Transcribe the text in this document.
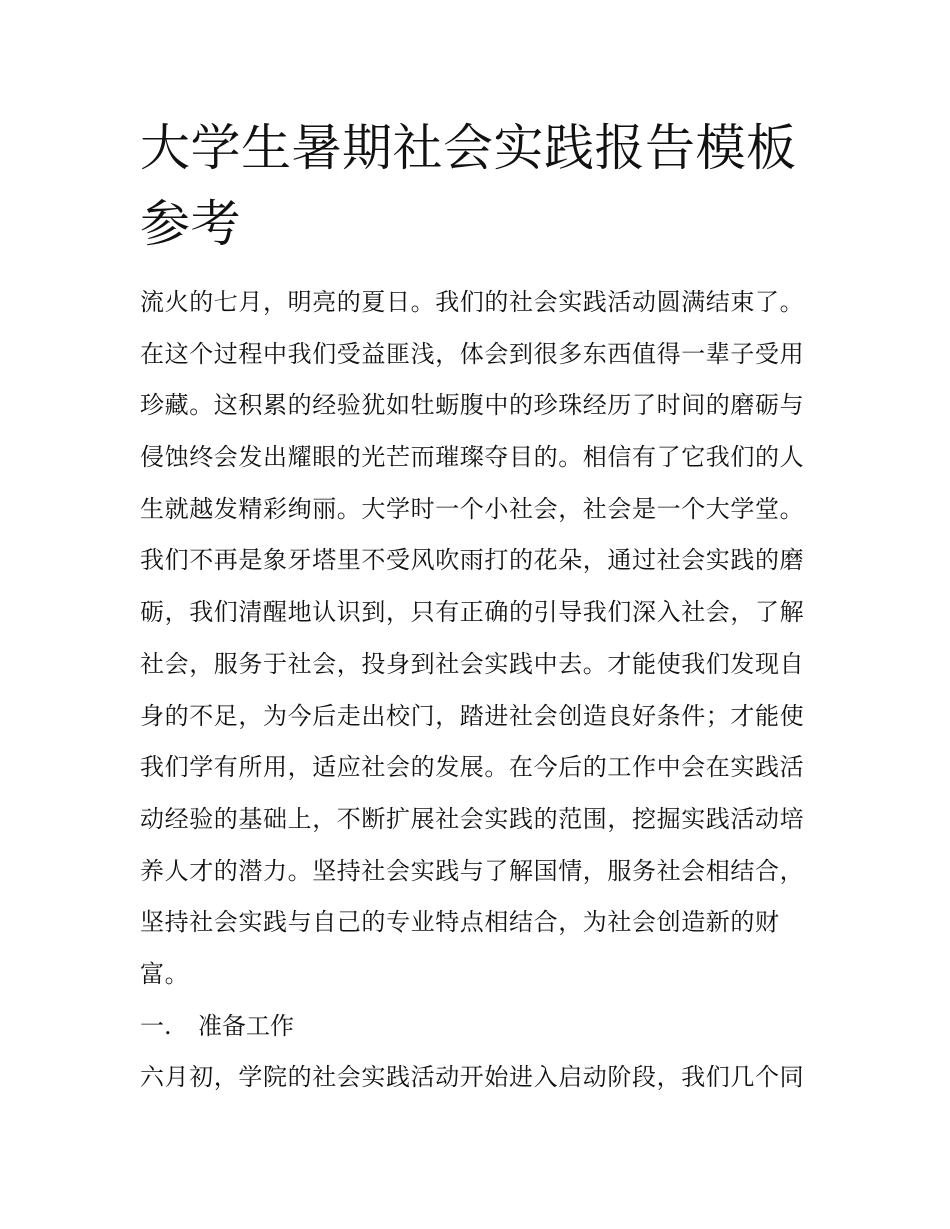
大学生暑期社会实践报告模板
参考
流火的七月，明亮的夏日。我们的社会实践活动圆满结束了。
在这个过程中我们受益匪浅，体会到很多东西值得一辈子受用
珍藏。这积累的经验犹如牡蛎腹中的珍珠经历了时间的磨砺与
侵蚀终会发出耀眼的光芒而璀璨夺目的。相信有了它我们的人
生就越发精彩绚丽。大学时一个小社会，社会是一个大学堂。
我们不再是象牙塔里不受风吹雨打的花朵，通过社会实践的磨
砺，我们清醒地认识到，只有正确的引导我们深入社会，了解
社会，服务于社会，投身到社会实践中去。才能使我们发现自
身的不足，为今后走出校门，踏进社会创造良好条件；才能使
我们学有所用，适应社会的发展。在今后的工作中会在实践活
动经验的基础上，不断扩展社会实践的范围，挖掘实践活动培
养人才的潜力。坚持社会实践与了解国情，服务社会相结合，
坚持社会实践与自己的专业特点相结合，为社会创造新的财
富。
一. 准备工作
六月初，学院的社会实践活动开始进入启动阶段，我们几个同
